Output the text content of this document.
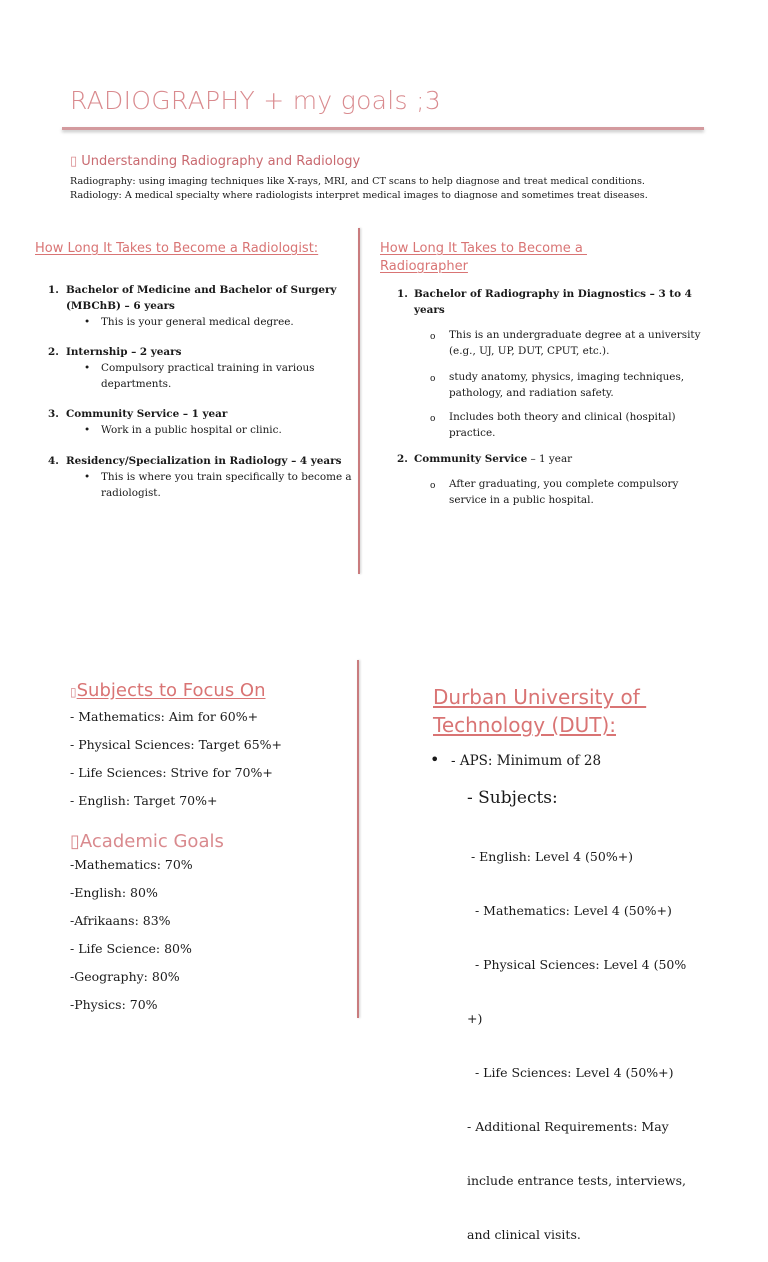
RADIOGRAPHY + my goals ;3
▯ Understanding Radiography and Radiology
Radiography: using imaging techniques like X-rays, MRI, and CT scans to help diagnose and treat medical conditions.
Radiology: A medical specialty where radiologists interpret medical images to diagnose and sometimes treat diseases.
How Long It Takes to Become a Radiologist:
1. Bachelor of Medicine and Bachelor of Surgery
(MBChB) – 6 years
• This is your general medical degree.
2. Internship – 2 years
• Compulsory practical training in various
departments.
3. Community Service – 1 year
• Work in a public hospital or clinic.
4. Residency/Specialization in Radiology – 4 years
• This is where you train specifically to become a
radiologist.
How Long It Takes to Become a
Radiographer
1. Bachelor of Radiography in Diagnostics – 3 to 4
years
o This is an undergraduate degree at a university
(e.g., UJ, UP, DUT, CPUT, etc.).
o study anatomy, physics, imaging techniques,
pathology, and radiation safety.
o Includes both theory and clinical (hospital)
practice.
2. Community Service – 1 year
o After graduating, you complete compulsory
service in a public hospital.
▯Subjects to Focus On
- Mathematics: Aim for 60%+
- Physical Sciences: Target 65%+
- Life Sciences: Strive for 70%+
- English: Target 70%+
▯Academic Goals
-Mathematics: 70%
-English: 80%
-Afrikaans: 83%
- Life Science: 80%
-Geography: 80%
-Physics: 70%
Durban University of
Technology (DUT):
• - APS: Minimum of 28
- Subjects:

- English: Level 4 (50%+)

- Mathematics: Level 4 (50%+)

- Physical Sciences: Level 4 (50%

+)

- Life Sciences: Level 4 (50%+)

- Additional Requirements: May

include entrance tests, interviews,

and clinical visits.
